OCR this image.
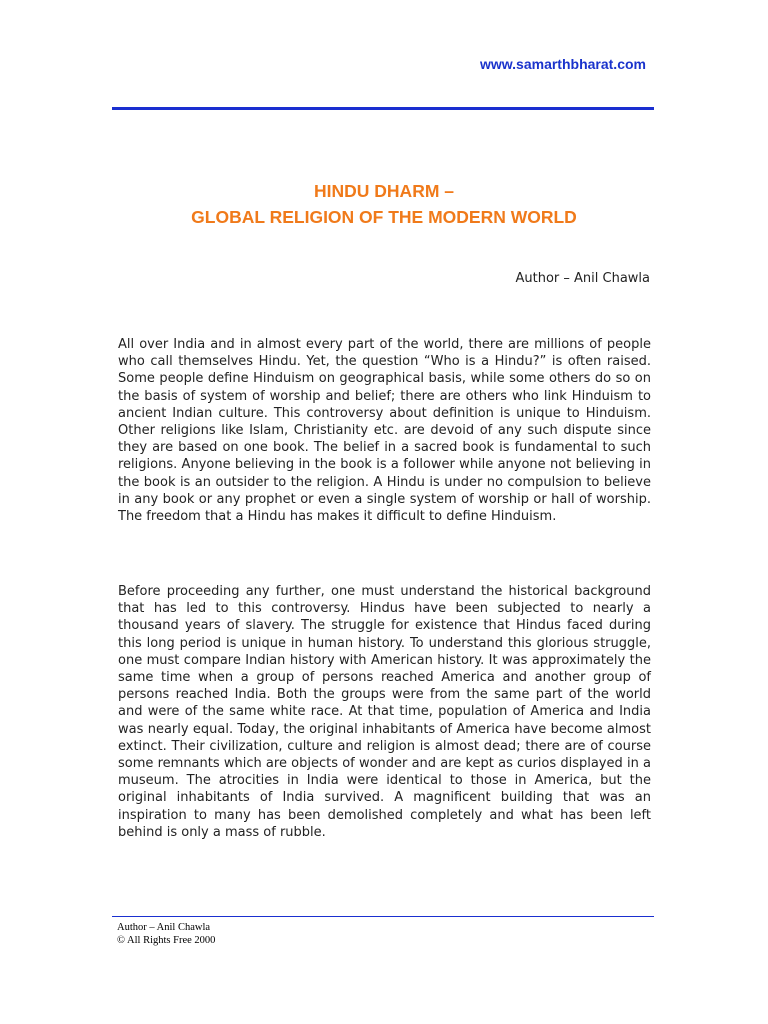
www.samarthbharat.com
HINDU DHARM –
GLOBAL RELIGION OF THE MODERN WORLD
Author – Anil Chawla
All over India and in almost every part of the world, there are millions of people who call themselves Hindu. Yet, the question “Who is a Hindu?” is often raised. Some people define Hinduism on geographical basis, while some others do so on the basis of system of worship and belief; there are others who link Hinduism to ancient Indian culture. This controversy about definition is unique to Hinduism. Other religions like Islam, Christianity etc. are devoid of any such dispute since they are based on one book. The belief in a sacred book is fundamental to such religions. Anyone believing in the book is a follower while anyone not believing in the book is an outsider to the religion. A Hindu is under no compulsion to believe in any book or any prophet or even a single system of worship or hall of worship. The freedom that a Hindu has makes it difficult to define Hinduism.
Before proceeding any further, one must understand the historical background that has led to this controversy. Hindus have been subjected to nearly a thousand years of slavery. The struggle for existence that Hindus faced during this long period is unique in human history. To understand this glorious struggle, one must compare Indian history with American history. It was approximately the same time when a group of persons reached America and another group of persons reached India. Both the groups were from the same part of the world and were of the same white race. At that time, population of America and India was nearly equal. Today, the original inhabitants of America have become almost extinct. Their civilization, culture and religion is almost dead; there are of course some remnants which are objects of wonder and are kept as curios displayed in a museum. The atrocities in India were identical to those in America, but the original inhabitants of India survived. A magnificent building that was an inspiration to many has been demolished completely and what has been left behind is only a mass of rubble.
Author – Anil Chawla
© All Rights Free 2000
